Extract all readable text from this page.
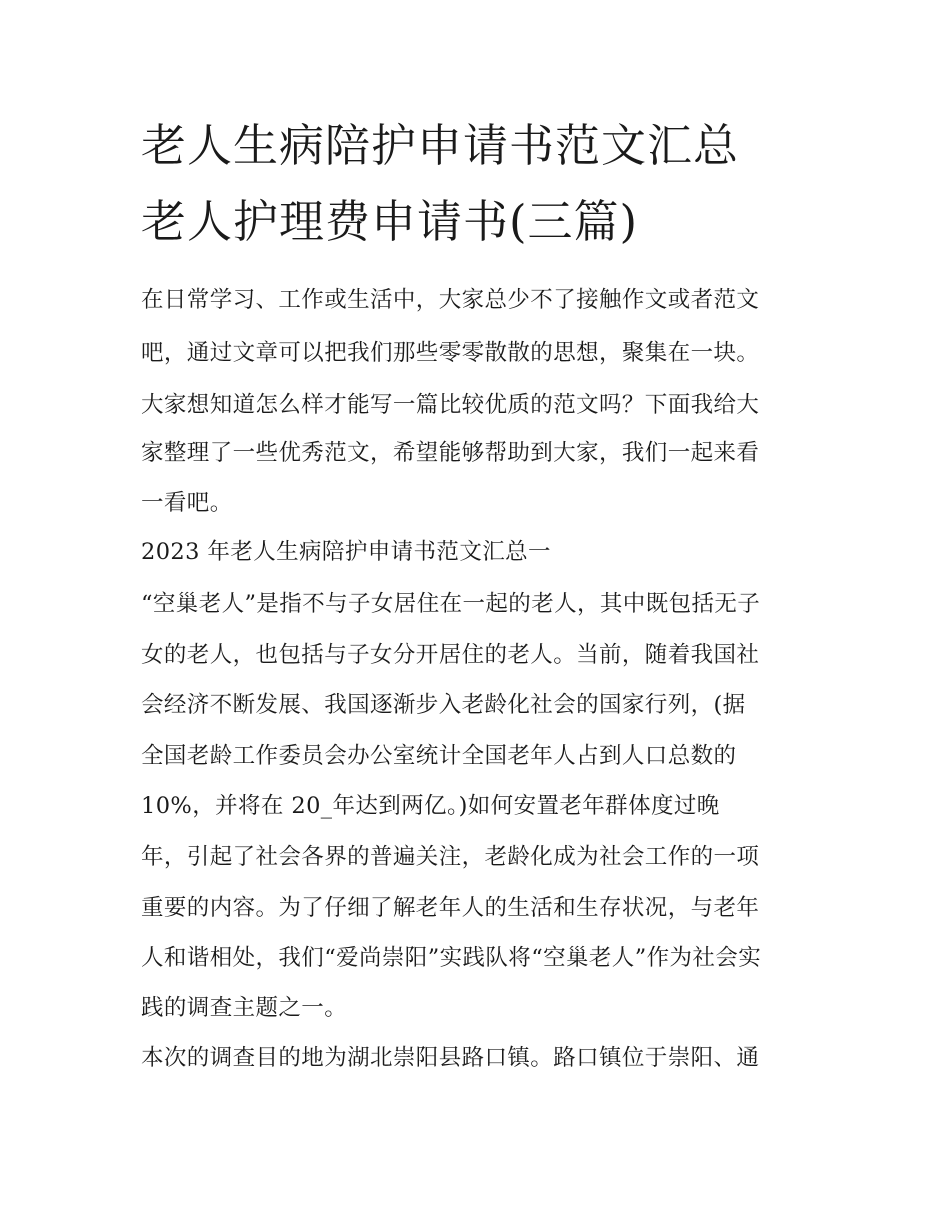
老人生病陪护申请书范文汇总
老人护理费申请书(三篇)

在日常学习、工作或生活中，大家总少不了接触作文或者范文

吧，通过文章可以把我们那些零零散散的思想，聚集在一块。

大家想知道怎么样才能写一篇比较优质的范文吗？下面我给大

家整理了一些优秀范文，希望能够帮助到大家，我们一起来看

一看吧。

2023 年老人生病陪护申请书范文汇总一

“空巢老人”是指不与子女居住在一起的老人，其中既包括无子

女的老人，也包括与子女分开居住的老人。当前，随着我国社

会经济不断发展、我国逐渐步入老龄化社会的国家行列，(据

全国老龄工作委员会办公室统计全国老年人占到人口总数的

10%，并将在 20_年达到两亿。)如何安置老年群体度过晚

年，引起了社会各界的普遍关注，老龄化成为社会工作的一项

重要的内容。为了仔细了解老年人的生活和生存状况，与老年

人和谐相处，我们“爱尚崇阳”实践队将“空巢老人”作为社会实

践的调查主题之一。

本次的调查目的地为湖北崇阳县路口镇。路口镇位于崇阳、通
